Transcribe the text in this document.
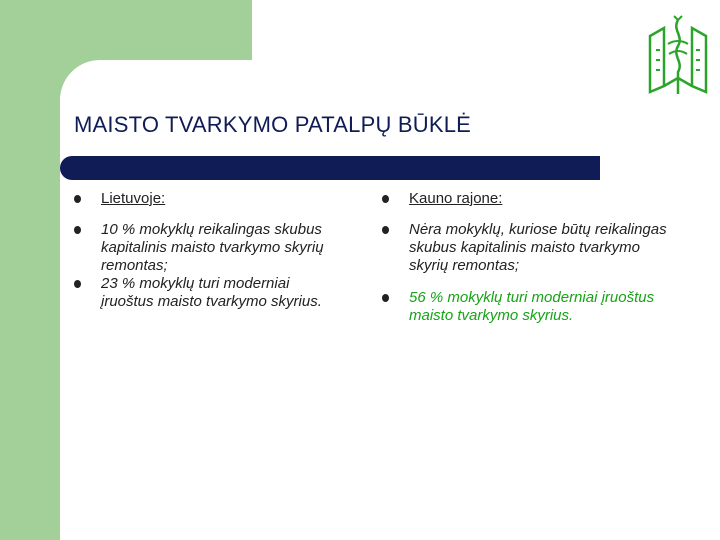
MAISTO TVARKYMO PATALPŲ BŪKLĖ
Lietuvoje:
10 % mokyklų reikalingas skubus kapitalinis maisto tvarkymo skyrių remontas;
23 % mokyklų turi moderniai įruoštus maisto tvarkymo skyrius.
Kauno rajone:
Nėra mokyklų, kuriose būtų reikalingas skubus kapitalinis maisto tvarkymo skyrių remontas;
56 % mokyklų turi moderniai įruoštus maisto tvarkymo skyrius.
